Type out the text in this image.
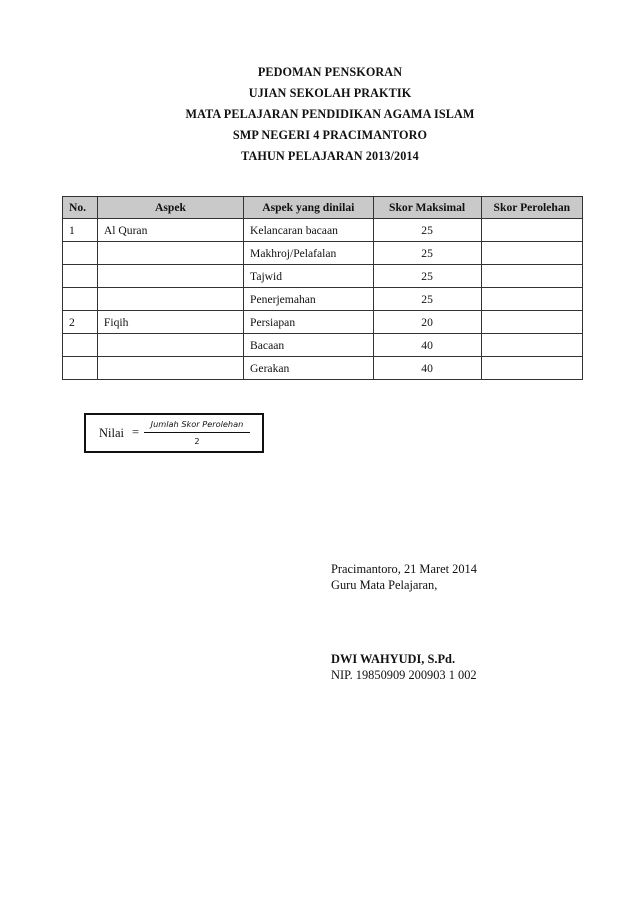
PEDOMAN PENSKORAN
UJIAN SEKOLAH PRAKTIK
MATA PELAJARAN PENDIDIKAN AGAMA ISLAM
SMP NEGERI 4 PRACIMANTORO
TAHUN PELAJARAN 2013/2014
No.	Aspek	Aspek yang dinilai	Skor Maksimal	Skor Perolehan
1	Al Quran	Kelancaran bacaan	25	
		Makhroj/Pelafalan	25	
		Tajwid	25	
		Penerjemahan	25	
2	Fiqih	Persiapan	20	
		Bacaan	40	
		Gerakan	40	
Nilai =
Jumlah Skor Perolehan
2
Pracimantoro, 21 Maret 2014
Guru Mata Pelajaran,
DWI WAHYUDI, S.Pd.
NIP. 19850909 200903 1 002
